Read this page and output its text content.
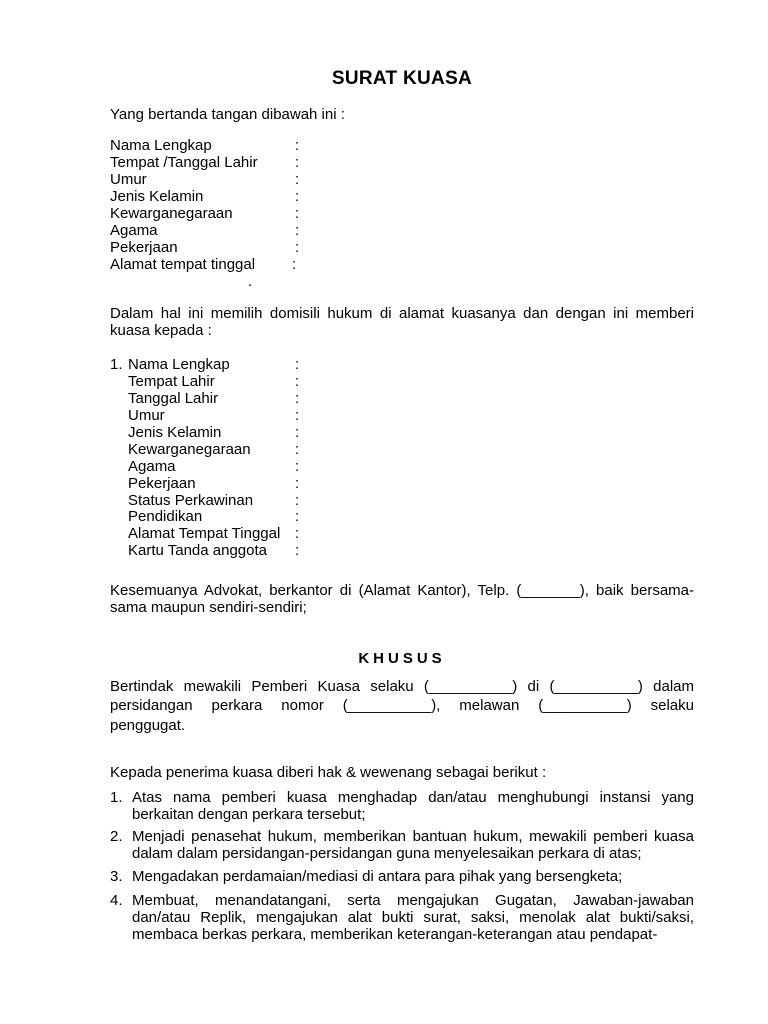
SURAT KUASA
Yang bertanda tangan dibawah ini :
Nama Lengkap
Tempat /Tanggal Lahir
Umur
Jenis Kelamin
Kewarganegaraan
Agama
Pekerjaan
Alamat tempat tinggal
:
:
:
:
:
:
:
:
.
Dalam hal ini memilih domisili hukum di alamat kuasanya dan dengan ini memberi kuasa kepada :
1. Nama Lengkap
Tempat Lahir
Tanggal Lahir
Umur
Jenis Kelamin
Kewarganegaraan
Agama
Pekerjaan
Status Perkawinan
Pendidikan
Alamat Tempat Tinggal
Kartu Tanda anggota
:
:
:
:
:
:
:
:
:
:
:
:
Kesemuanya Advokat, berkantor di (Alamat Kantor), Telp. (_______), baik bersama-sama maupun sendiri-sendiri;
KHUSUS
Bertindak mewakili Pemberi Kuasa selaku (__________) di (__________) dalam
persidangan perkara nomor (__________), melawan (__________) selaku
penggugat.
Kepada penerima kuasa diberi hak & wewenang sebagai berikut :
1. Atas nama pemberi kuasa menghadap dan/atau menghubungi instansi yang berkaitan dengan perkara tersebut;
2. Menjadi penasehat hukum, memberikan bantuan hukum, mewakili pemberi kuasa dalam dalam persidangan-persidangan guna menyelesaikan perkara di atas;
3. Mengadakan perdamaian/mediasi di antara para pihak yang bersengketa;
4. Membuat, menandatangani, serta mengajukan Gugatan, Jawaban-jawaban dan/atau Replik, mengajukan alat bukti surat, saksi, menolak alat bukti/saksi, membaca berkas perkara, memberikan keterangan-keterangan atau pendapat-
